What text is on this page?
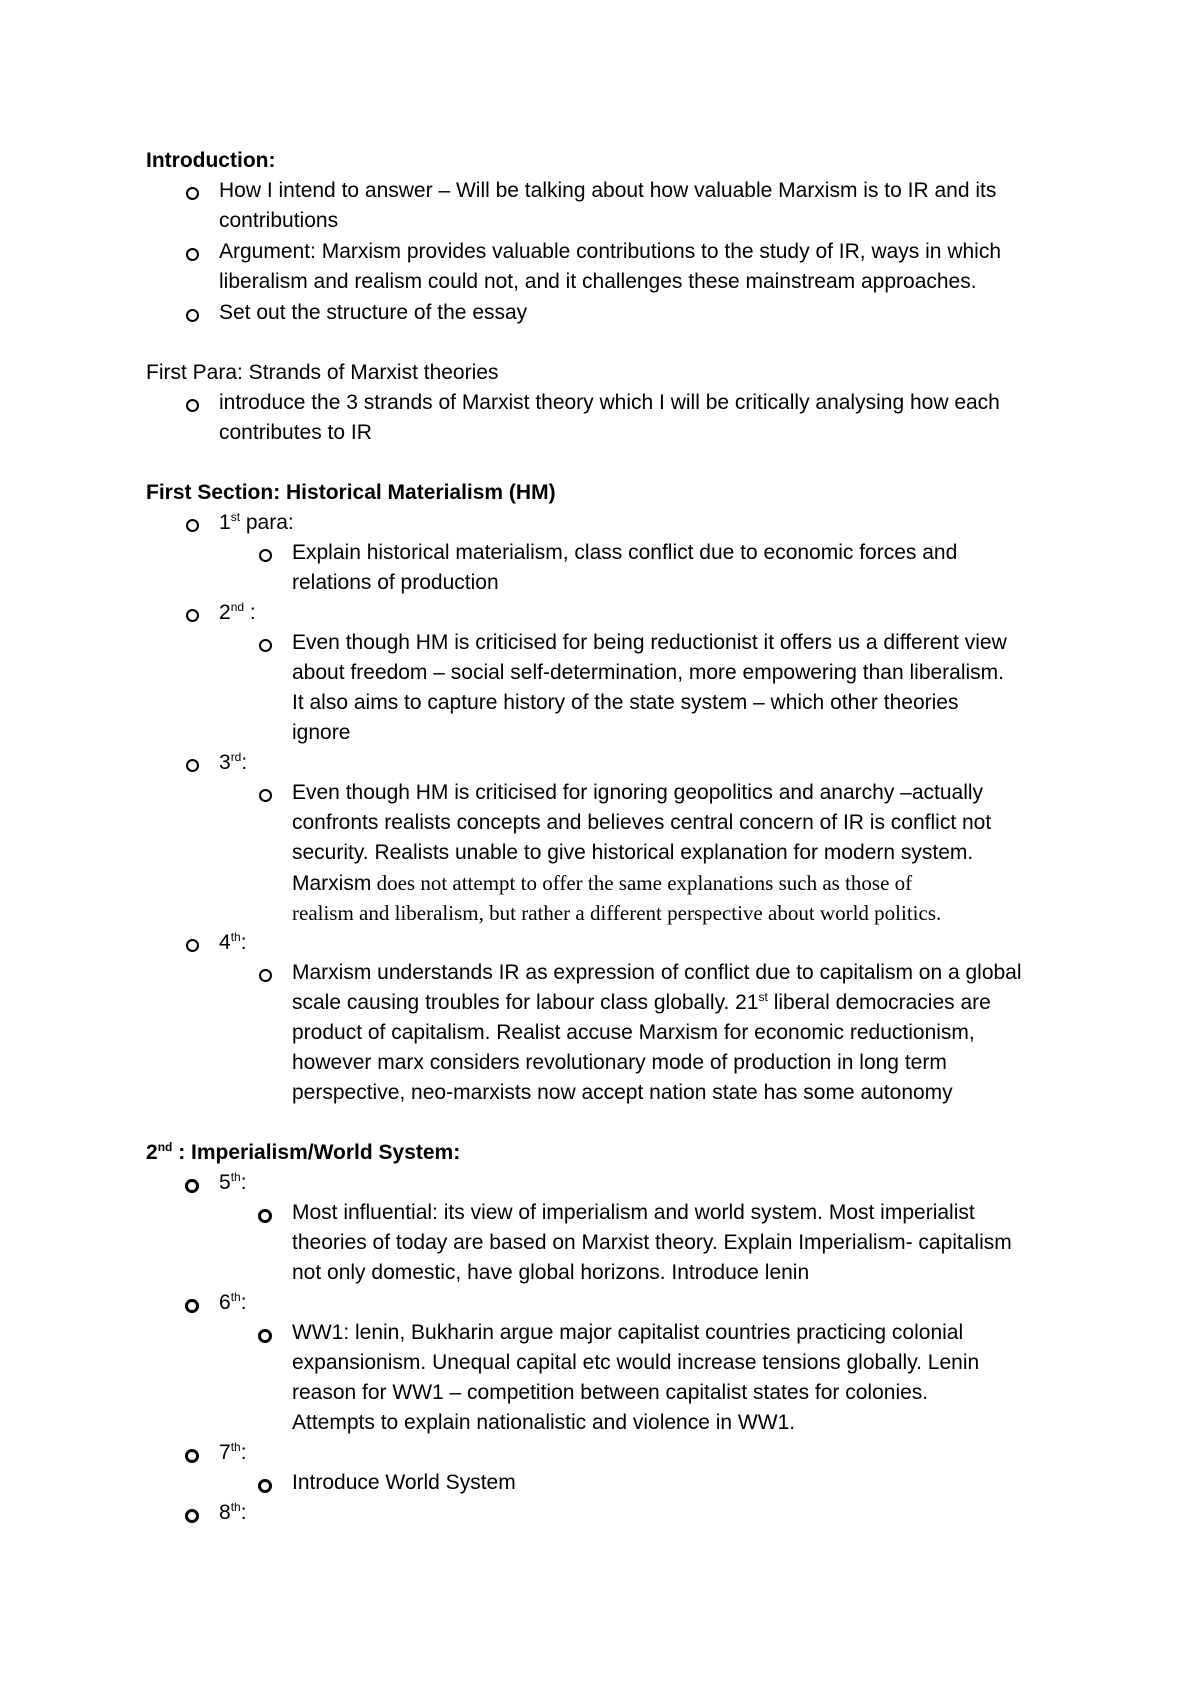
Introduction:
How I intend to answer – Will be talking about how valuable Marxism is to IR and its
contributions
Argument: Marxism provides valuable contributions to the study of IR, ways in which
liberalism and realism could not, and it challenges these mainstream approaches.
Set out the structure of the essay
First Para: Strands of Marxist theories
introduce the 3 strands of Marxist theory which I will be critically analysing how each
contributes to IR
First Section: Historical Materialism (HM)
1st para:
Explain historical materialism, class conflict due to economic forces and
relations of production
2nd :
Even though HM is criticised for being reductionist it offers us a different view
about freedom – social self-determination, more empowering than liberalism.
It also aims to capture history of the state system – which other theories
ignore
3rd:
Even though HM is criticised for ignoring geopolitics and anarchy –actually
confronts realists concepts and believes central concern of IR is conflict not
security. Realists unable to give historical explanation for modern system.
Marxism does not attempt to offer the same explanations such as those of
realism and liberalism, but rather a different perspective about world politics.
4th:
Marxism understands IR as expression of conflict due to capitalism on a global
scale causing troubles for labour class globally. 21st liberal democracies are
product of capitalism. Realist accuse Marxism for economic reductionism,
however marx considers revolutionary mode of production in long term
perspective, neo-marxists now accept nation state has some autonomy
2nd : Imperialism/World System:
5th:
Most influential: its view of imperialism and world system. Most imperialist
theories of today are based on Marxist theory. Explain Imperialism- capitalism
not only domestic, have global horizons. Introduce lenin
6th:
WW1: lenin, Bukharin argue major capitalist countries practicing colonial
expansionism. Unequal capital etc would increase tensions globally. Lenin
reason for WW1 – competition between capitalist states for colonies.
Attempts to explain nationalistic and violence in WW1.
7th:
Introduce World System
8th:
